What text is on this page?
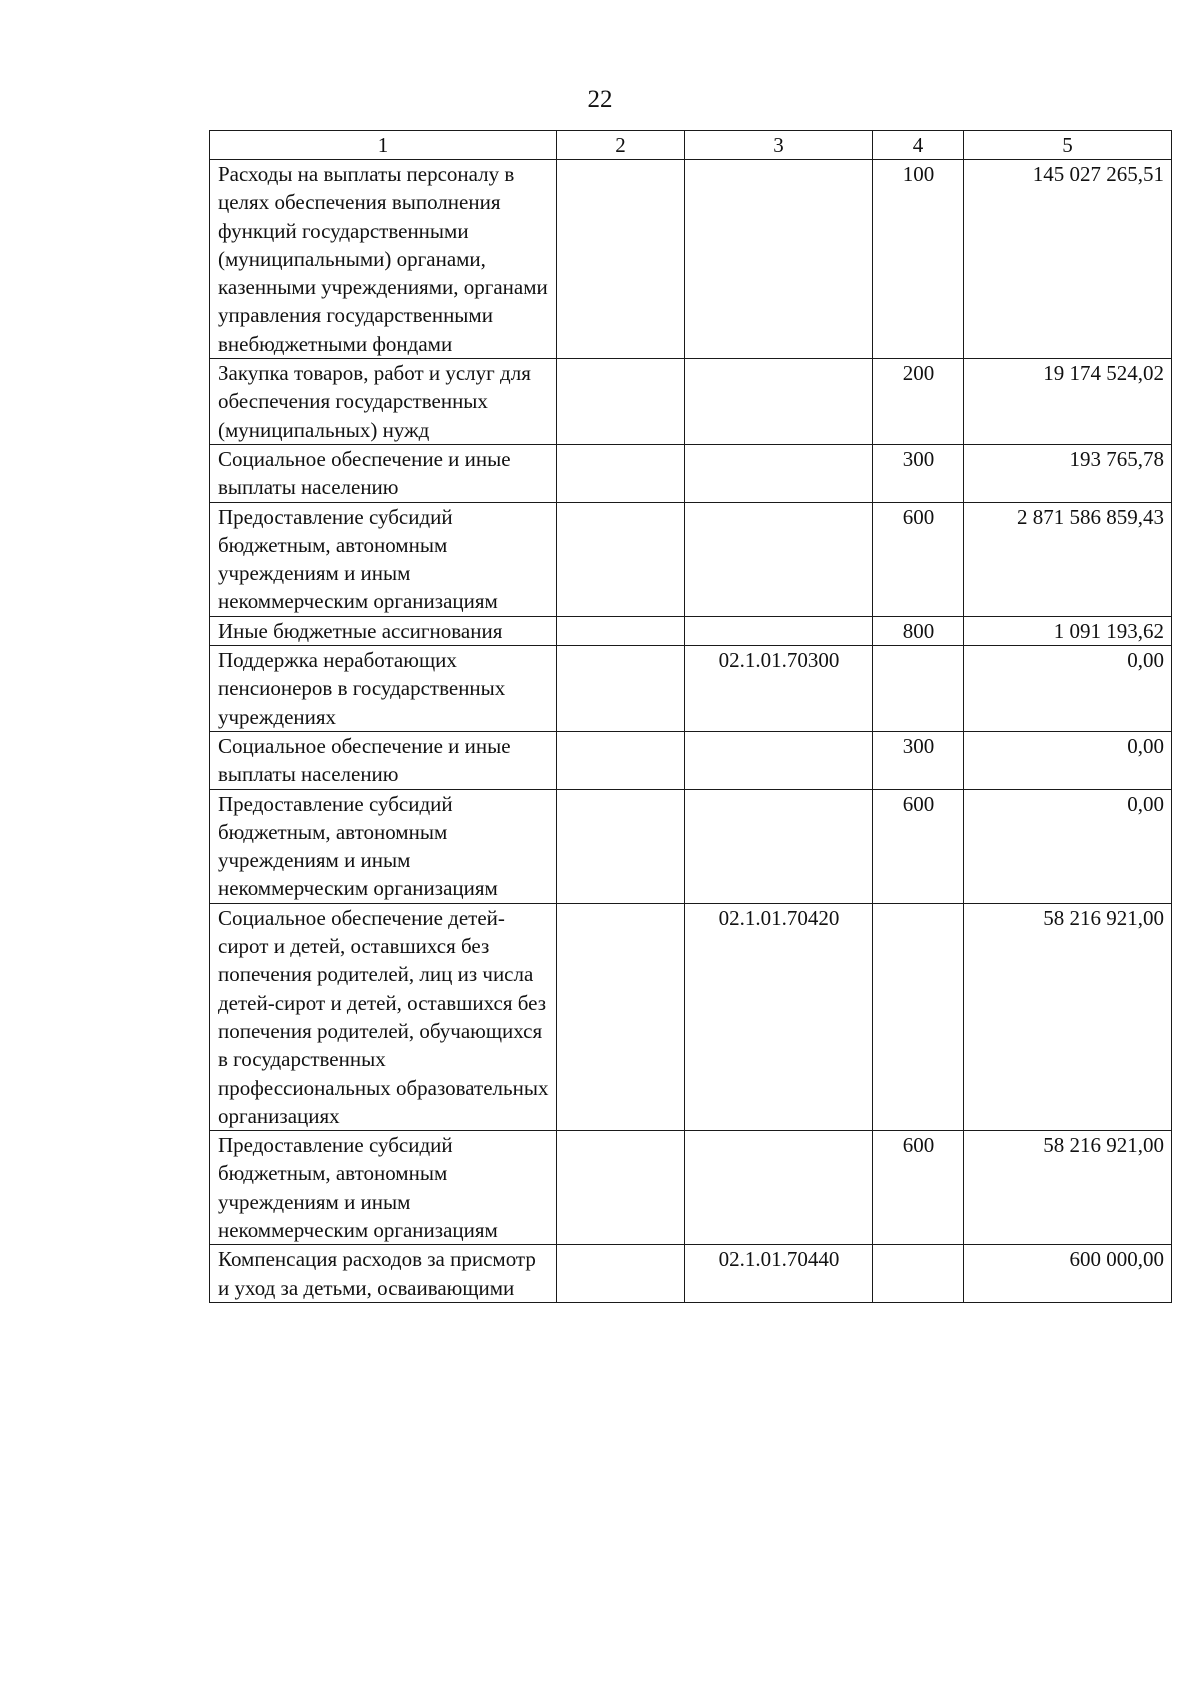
22
1	2	3	4	5
Расходы на выплаты персоналу в целях обеспечения выполнения функций государственными (муниципальными) органами, казенными учреждениями, органами управления государственными внебюджетными фондами			100	145 027 265,51
Закупка товаров, работ и услуг для обеспечения государственных (муниципальных) нужд			200	19 174 524,02
Социальное обеспечение и иные выплаты населению			300	193 765,78
Предоставление субсидий бюджетным, автономным учреждениям и иным некоммерческим организациям			600	2 871 586 859,43
Иные бюджетные ассигнования			800	1 091 193,62
Поддержка неработающих пенсионеров в государственных учреждениях		02.1.01.70300		0,00
Социальное обеспечение и иные выплаты населению			300	0,00
Предоставление субсидий бюджетным, автономным учреждениям и иным некоммерческим организациям			600	0,00
Социальное обеспечение детей-сирот и детей, оставшихся без попечения родителей, лиц из числа детей-сирот и детей, оставшихся без попечения родителей, обучающихся в государственных профессиональных образовательных организациях		02.1.01.70420		58 216 921,00
Предоставление субсидий бюджетным, автономным учреждениям и иным некоммерческим организациям			600	58 216 921,00
Компенсация расходов за присмотр и уход за детьми, осваивающими		02.1.01.70440		600 000,00
